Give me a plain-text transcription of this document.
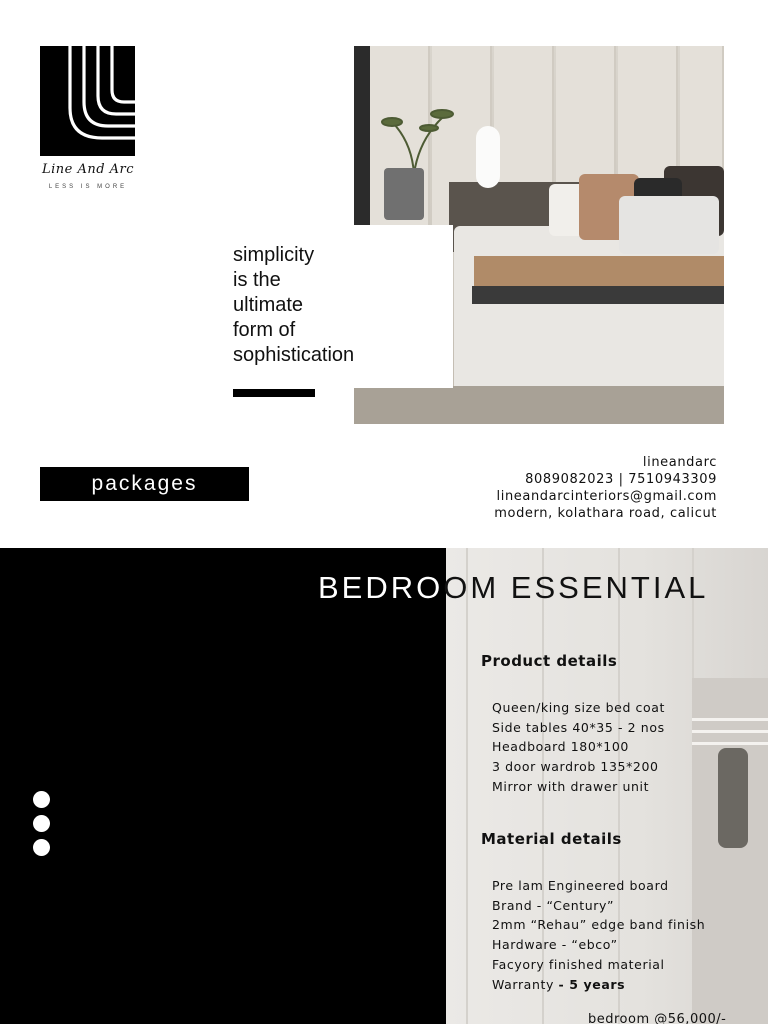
Line And Arc
LESS IS MORE
simplicity
is the
ultimate
form of
sophistication
packages
lineandarc
8089082023 | 7510943309
lineandarcinteriors@gmail.com
modern, kolathara road, calicut
BEDROOM ESSENTIAL
Product details
Queen/king size bed coat
Side tables 40*35 - 2 nos
Headboard 180*100
3 door wardrob 135*200
Mirror with drawer unit
Material details
Pre lam Engineered board
Brand - “Century”
2mm “Rehau” edge band finish
Hardware - “ebco”
Facyory finished material
Warranty - 5 years
bedroom @56,000/-
